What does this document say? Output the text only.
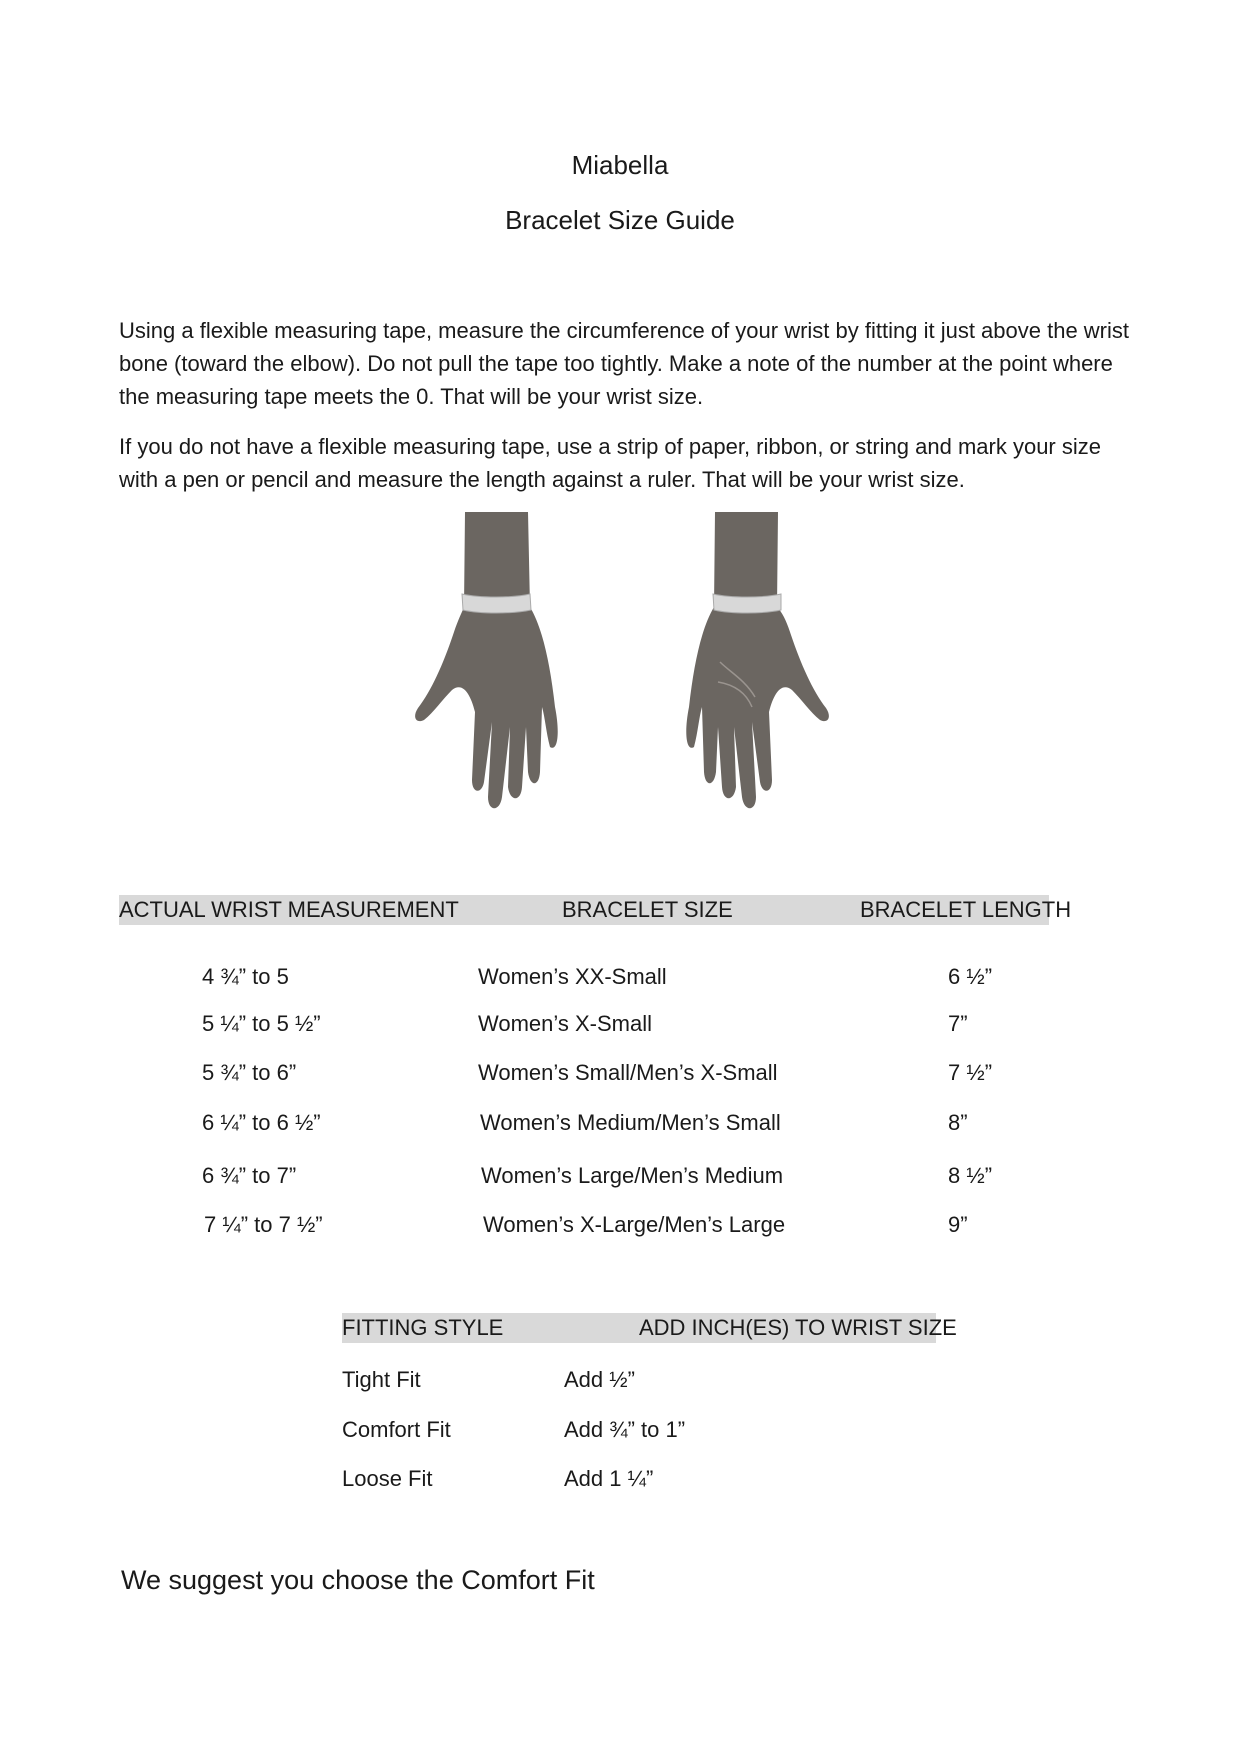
Miabella
Bracelet Size Guide
Using a flexible measuring tape, measure the circumference of your wrist by fitting it just above the wrist bone (toward the elbow). Do not pull the tape too tightly. Make a note of the number at the point where the measuring tape meets the 0. That will be your wrist size.
If you do not have a flexible measuring tape, use a strip of paper, ribbon, or string and mark your size with a pen or pencil and measure the length against a ruler. That will be your wrist size.
ACTUAL WRIST MEASUREMENT	BRACELET SIZE	BRACELET LENGTH
4 ¾” to 5	Women’s XX-Small	6 ½”
5 ¼” to 5 ½”	Women’s X-Small	7”
5 ¾” to 6”	Women’s Small/Men’s X-Small	7 ½”
6 ¼” to 6 ½”	Women’s Medium/Men’s Small	8”
6 ¾” to 7”	Women’s Large/Men’s Medium	8 ½”
7 ¼” to 7 ½”	Women’s X-Large/Men’s Large	9”
FITTING STYLE	ADD INCH(ES) TO WRIST SIZE
Tight Fit	Add ½”
Comfort Fit	Add ¾” to 1”
Loose Fit	Add 1 ¼”
We suggest you choose the Comfort Fit
